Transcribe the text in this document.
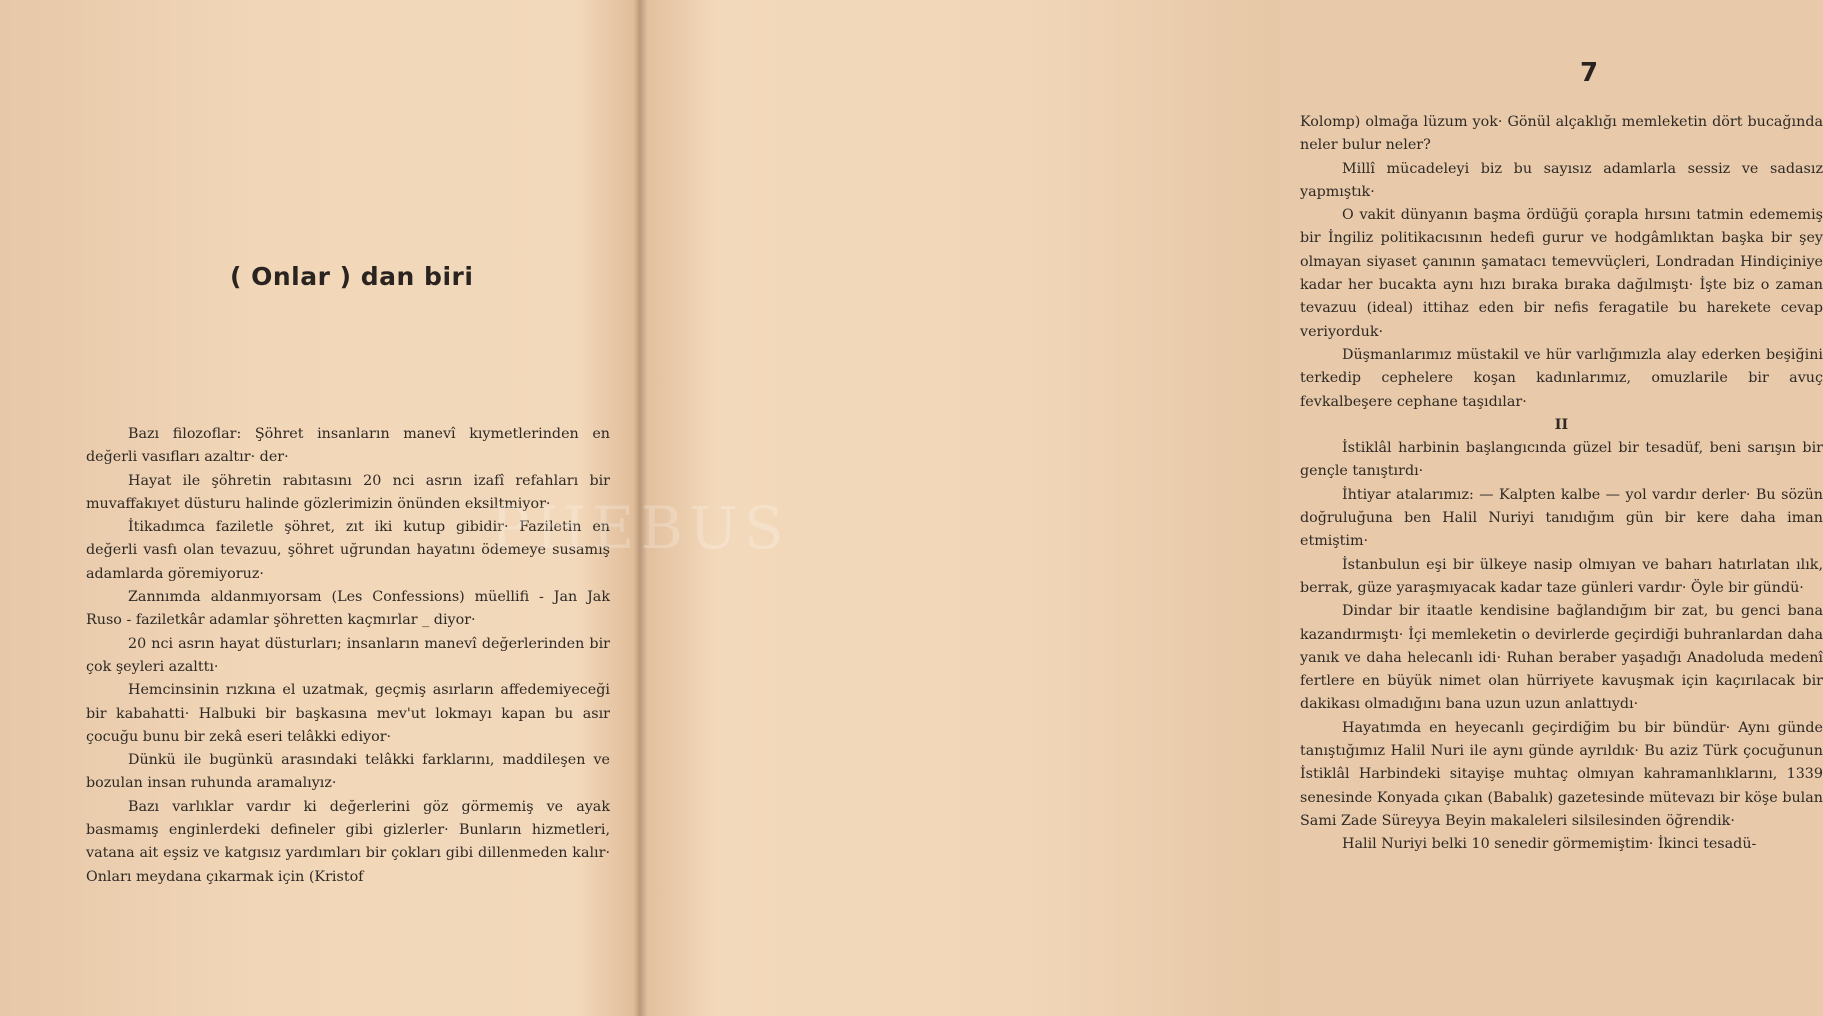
( Onlar ) dan biri

Bazı filozoflar: Şöhret insanların manevî kıymetlerinden en değerli vasıfları azaltır· der·

Hayat ile şöhretin rabıtasını 20 nci asrın izafî refahları bir muvaffakıyet düsturu halinde gözlerimizin önünden eksiltmiyor·

İtikadımca faziletle şöhret, zıt iki kutup gibidir· Faziletin en değerli vasfı olan tevazuu, şöhret uğrundan hayatını ödemeye susamış adamlarda göremiyoruz·

Zannımda aldanmıyorsam (Les Confessions) müellifi - Jan Jak Ruso - faziletkâr adamlar şöhretten kaçmırlar _ diyor·

20 nci asrın hayat düsturları; insanların manevî değerlerinden bir çok şeyleri azalttı·

Hemcinsinin rızkına el uzatmak, geçmiş asırların affedemiyeceği bir kabahatti· Halbuki bir başkasına mev'ut lokmayı kapan bu asır çocuğu bunu bir zekâ eseri telâkki ediyor·

Dünkü ile bugünkü arasındaki telâkki farklarını, maddileşen ve bozulan insan ruhunda aramalıyız·

Bazı varlıklar vardır ki değerlerini göz görmemiş ve ayak basmamış enginlerdeki defineler gibi gizlerler· Bunların hizmetleri, vatana ait eşsiz ve katgısız yardımları bir çokları gibi dillenmeden kalır· Onları meydana çıkarmak için (Kristof

7

Kolomp) olmağa lüzum yok· Gönül alçaklığı memleketin dört bucağında neler bulur neler?

Millî mücadeleyi biz bu sayısız adamlarla sessiz ve sadasız yapmıştık·

O vakit dünyanın başma ördüğü çorapla hırsını tatmin edememiş bir İngiliz politikacısının hedefi gurur ve hodgâmlıktan başka bir şey olmayan siyaset çanının şamatacı temevvüçleri, Londradan Hindiçiniye kadar her bucakta aynı hızı bıraka bıraka dağılmıştı· İşte biz o zaman tevazuu (ideal) ittihaz eden bir nefis feragatile bu harekete cevap veriyorduk·

Düşmanlarımız müstakil ve hür varlığımızla alay ederken beşiğini terkedip cephelere koşan kadınlarımız, omuzlarile bir avuç fevkalbeşere cephane taşıdılar·

II

İstiklâl harbinin başlangıcında güzel bir tesadüf, beni sarışın bir gençle tanıştırdı·

İhtiyar atalarımız: — Kalpten kalbe — yol vardır derler· Bu sözün doğruluğuna ben Halil Nuriyi tanıdığım gün bir kere daha iman etmiştim·

İstanbulun eşi bir ülkeye nasip olmıyan ve baharı hatırlatan ılık, berrak, güze yaraşmıyacak kadar taze günleri vardır· Öyle bir gündü·

Dindar bir itaatle kendisine bağlandığım bir zat, bu genci bana kazandırmıştı· İçi memleketin o devirlerde geçirdiği buhranlardan daha yanık ve daha helecanlı idi· Ruhan beraber yaşadığı Anadoluda medenî fertlere en büyük nimet olan hürriyete kavuşmak için kaçırılacak bir dakikası olmadığını bana uzun uzun anlattıydı·

Hayatımda en heyecanlı geçirdiğim bu bir bündür· Aynı günde tanıştığımız Halil Nuri ile aynı günde ayrıldık· Bu aziz Türk çocuğunun İstiklâl Harbindeki sitayişe muhtaç olmıyan kahramanlıklarını, 1339 senesinde Konyada çıkan (Babalık) gazetesinde mütevazı bir köşe bulan Sami Zade Süreyya Beyin makaleleri silsilesinden öğrendik·

Halil Nuriyi belki 10 senedir görmemiştim· İkinci tesadü-

PHEBUS
